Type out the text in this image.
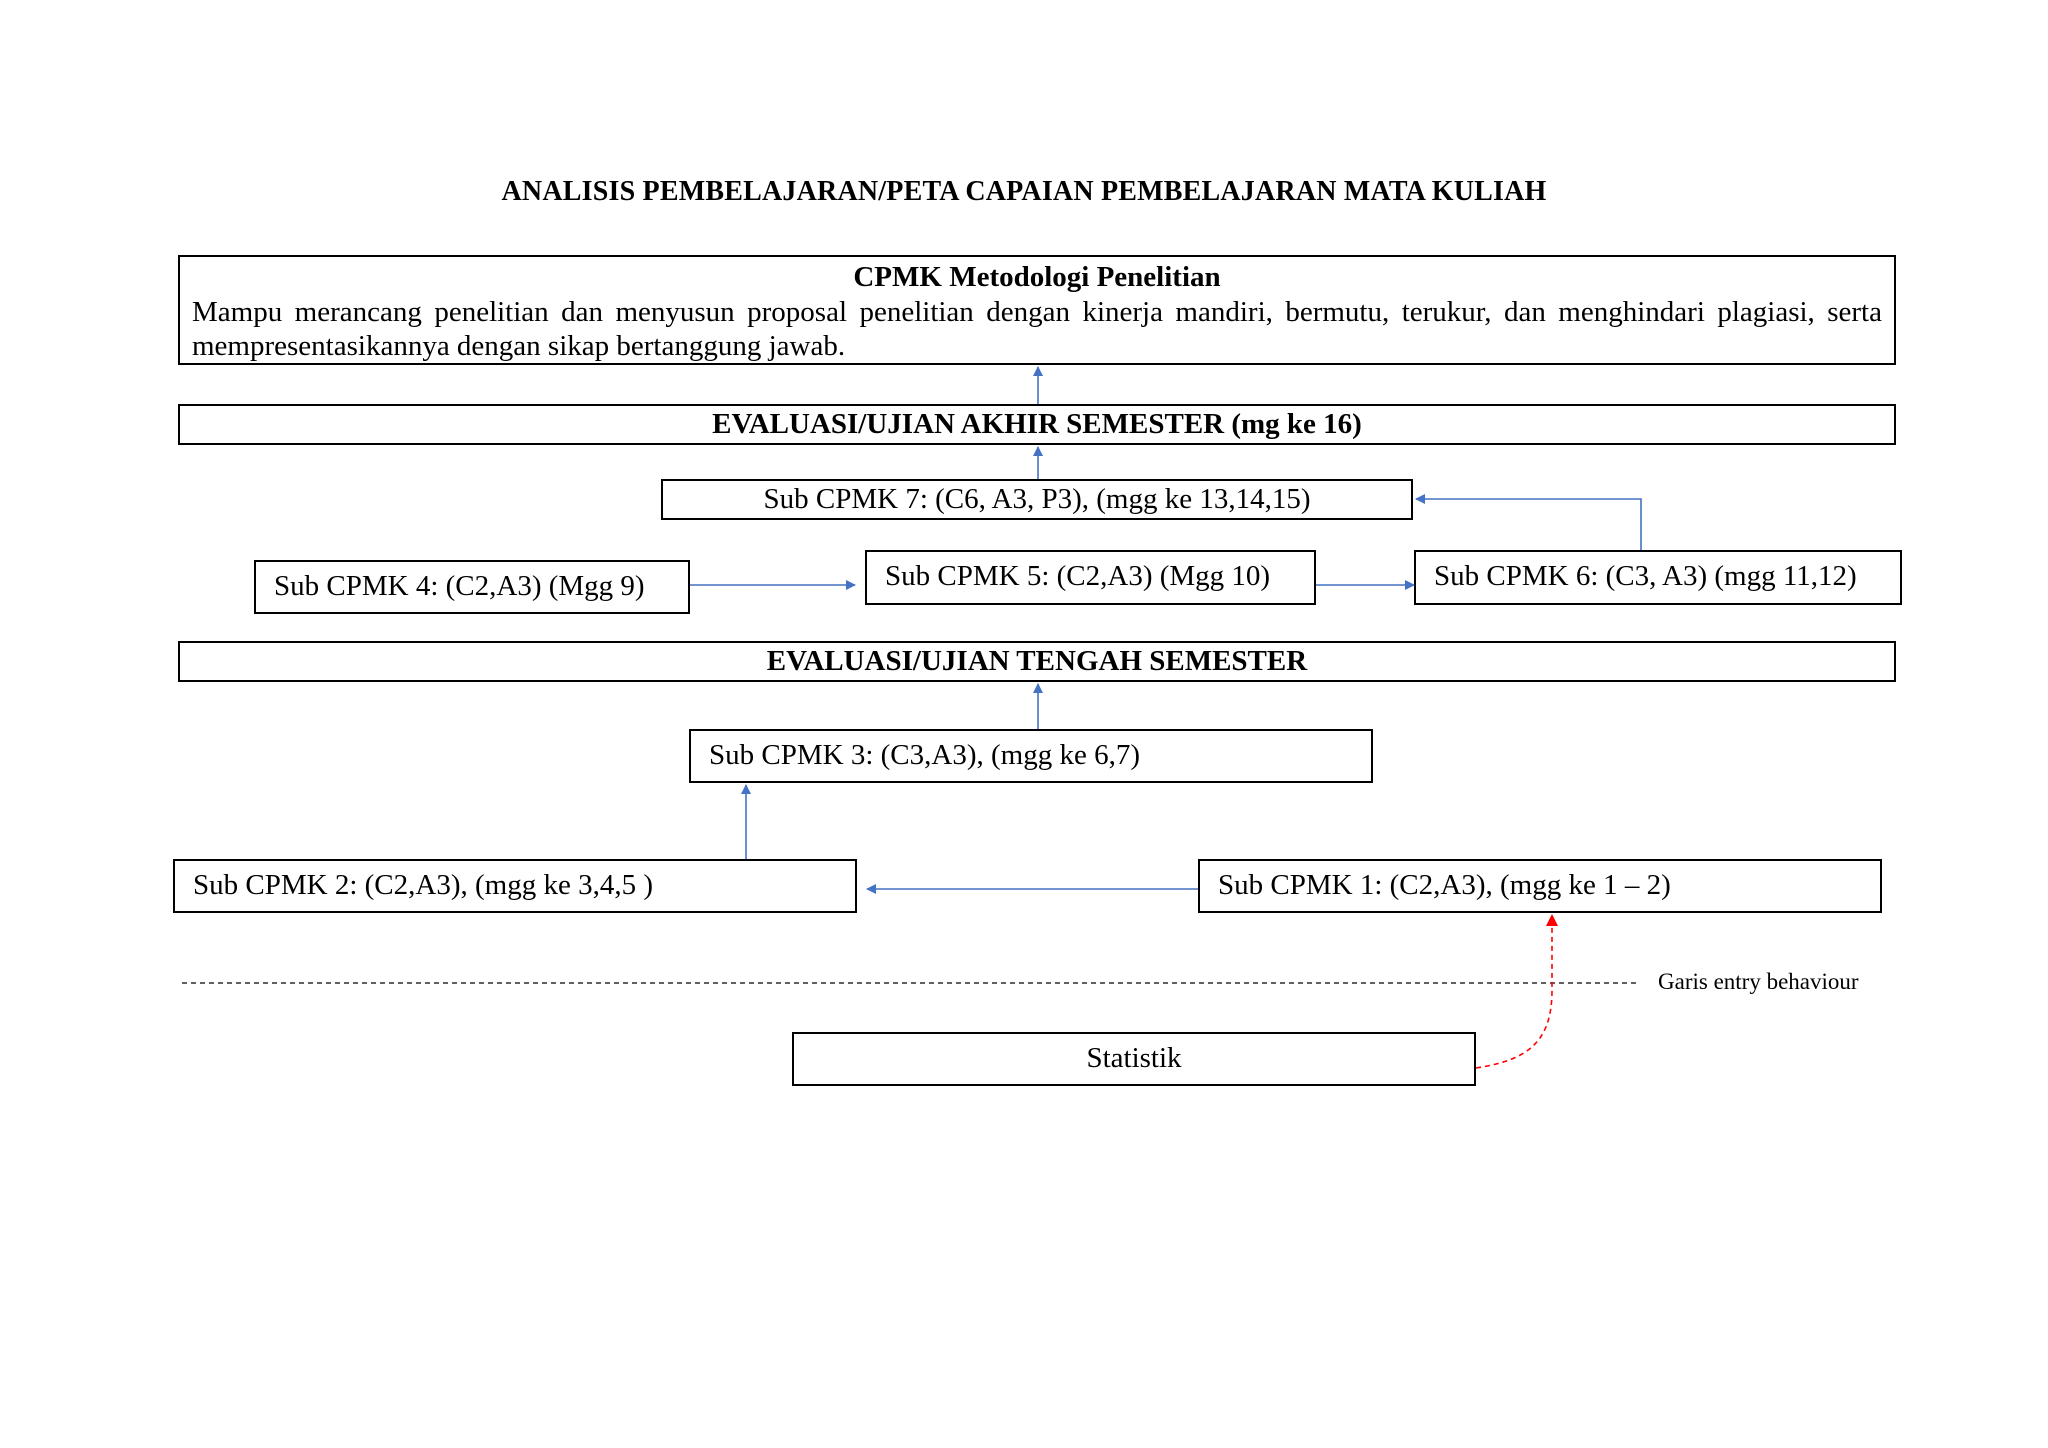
ANALISIS PEMBELAJARAN/PETA CAPAIAN PEMBELAJARAN MATA KULIAH
CPMK Metodologi Penelitian
Mampu merancang penelitian dan menyusun proposal penelitian dengan kinerja mandiri, bermutu, terukur, dan menghindari plagiasi, serta mempresentasikannya dengan sikap bertanggung jawab.
EVALUASI/UJIAN AKHIR SEMESTER (mg ke 16)
Sub CPMK 7: (C6, A3, P3), (mgg ke 13,14,15)
Sub CPMK 4: (C2,A3) (Mgg 9)	Sub CPMK 5: (C2,A3) (Mgg 10)	Sub CPMK 6: (C3, A3) (mgg 11,12)
EVALUASI/UJIAN TENGAH SEMESTER
Sub CPMK 3: (C3,A3), (mgg ke 6,7)
Sub CPMK 2: (C2,A3), (mgg ke 3,4,5 )	Sub CPMK 1: (C2,A3), (mgg ke 1 – 2)
Statistik
Garis entry behaviour
